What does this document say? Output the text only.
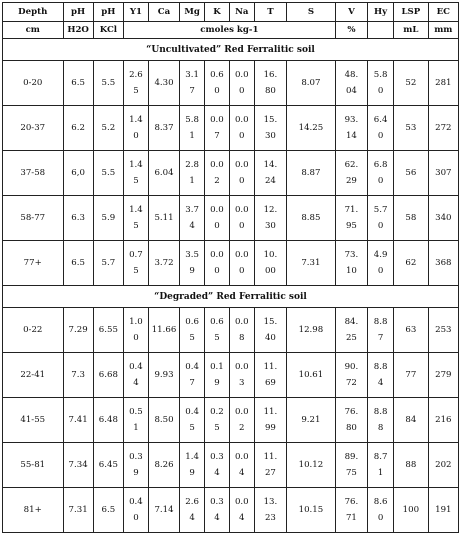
Depth	pH	pH	Y1	Ca	Mg	K	Na	T	S	V	Hy	LSP	EC
cm	H2O	KCl	cmoles kg-1							%		mL	mm
“Uncultivated” Red Ferralitic soil													
0-20	6.5	5.5	2.65	4.30	3.17	0.60	0.00	16.80	8.07	48.04	5.80	52	281
20-37	6.2	5.2	1.40	8.37	5.81	0.07	0.00	15.30	14.25	93.14	6.40	53	272
37-58	6,0	5.5	1.45	6.04	2.81	0.02	0.00	14.24	8.87	62.29	6.80	56	307
58-77	6.3	5.9	1.45	5.11	3.74	0.00	0.00	12.30	8.85	71.95	5.70	58	340
77+	6.5	5.7	0.75	3.72	3.59	0.00	0.00	10.00	7.31	73.10	4.90	62	368
“Degraded” Red Ferralitic soil													
0-22	7.29	6.55	1.00	11.66	0.65	0.65	0.08	15.40	12.98	84.25	8.87	63	253
22-41	7.3	6.68	0.44	9.93	0.47	0.19	0.03	11.69	10.61	90.72	8.84	77	279
41-55	7.41	6.48	0.51	8.50	0.45	0.25	0.02	11.99	9.21	76.80	8.88	84	216
55-81	7.34	6.45	0.39	8.26	1.49	0.34	0.04	11.27	10.12	89.75	8.71	88	202
81+	7.31	6.5	0.40	7.14	2.64	0.34	0.04	13.23	10.15	76.71	8.60	100	191
